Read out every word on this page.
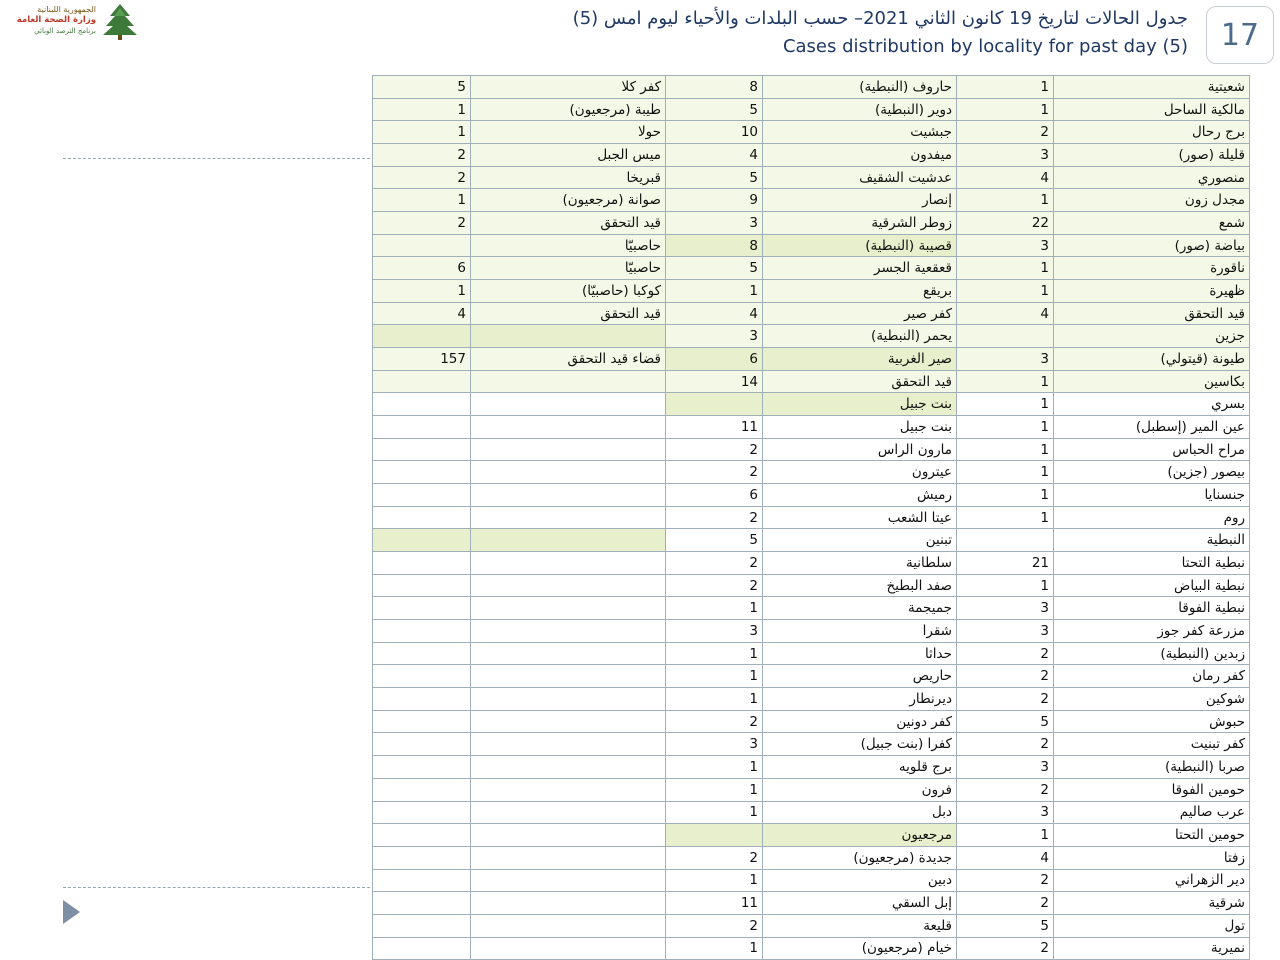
الجمهورية اللبنانية
وزارة الصحة العامة
برنامج الترصد الوبائي
جدول الحالات لتاريخ 19 كانون الثاني 2021– حسب البلدات والأحياء ليوم امس (5)
Cases distribution by locality for past day (5) 17
5	كفر كلا	8	حاروف (النبطية)	1	شعيتية
1	طيبة (مرجعيون)	5	دوير (النبطية)	1	مالكية الساحل
1	حولا	10	جبشيت	2	برج رحال
2	ميس الجبل	4	ميفدون	3	قليلة (صور)
2	قبريخا	5	عدشيت الشقيف	4	منصوري
1	صوانة (مرجعيون)	9	إنصار	1	مجدل زون
2	قيد التحقق	3	زوطر الشرقية	22	شمع
	حاصبيّا	8	قصيبة (النبطية)	3	بياضة (صور)
6	حاصبيّا	5	قعقعية الجسر	1	ناقورة
1	كوكبا (حاصبيّا)	1	بريقع	1	ظهيرة
4	قيد التحقق	4	كفر صير	4	قيد التحقق
		3	يحمر (النبطية)		جزين
157	قضاء قيد التحقق	6	صير الغربية	3	طيونة (قيتولي)
		14	قيد التحقق	1	بكاسين
			بنت جبيل	1	بسري
		11	بنت جبيل	1	عين المير (إسطبل)
		2	مارون الراس	1	مراح الحباس
		2	عيترون	1	بيصور (جزين)
		6	رميش	1	جنسنايا
		2	عيتا الشعب	1	روم
		5	تبنين		النبطية
		2	سلطانية	21	نبطية التحتا
		2	صفد البطيخ	1	نبطية البياض
		1	جميجمة	3	نبطية الفوقا
		3	شقرا	3	مزرعة كفر جوز
		1	حداثا	2	زبدين (النبطية)
		1	حاريص	2	كفر رمان
		1	ديرنطار	2	شوكين
		2	كفر دونين	5	حبوش
		3	كفرا (بنت جبيل)	2	كفر تبنيت
		1	برج قلويه	3	صربا (النبطية)
		1	فرون	2	حومين الفوقا
		1	دبل	3	عرب صاليم
			مرجعيون	1	حومين التحتا
		2	جديدة (مرجعيون)	4	زفتا
		1	دبين	2	دير الزهراني
		11	إبل السقي	2	شرقية
		2	قليعة	5	تول
		1	خيام (مرجعيون)	2	نميرية
